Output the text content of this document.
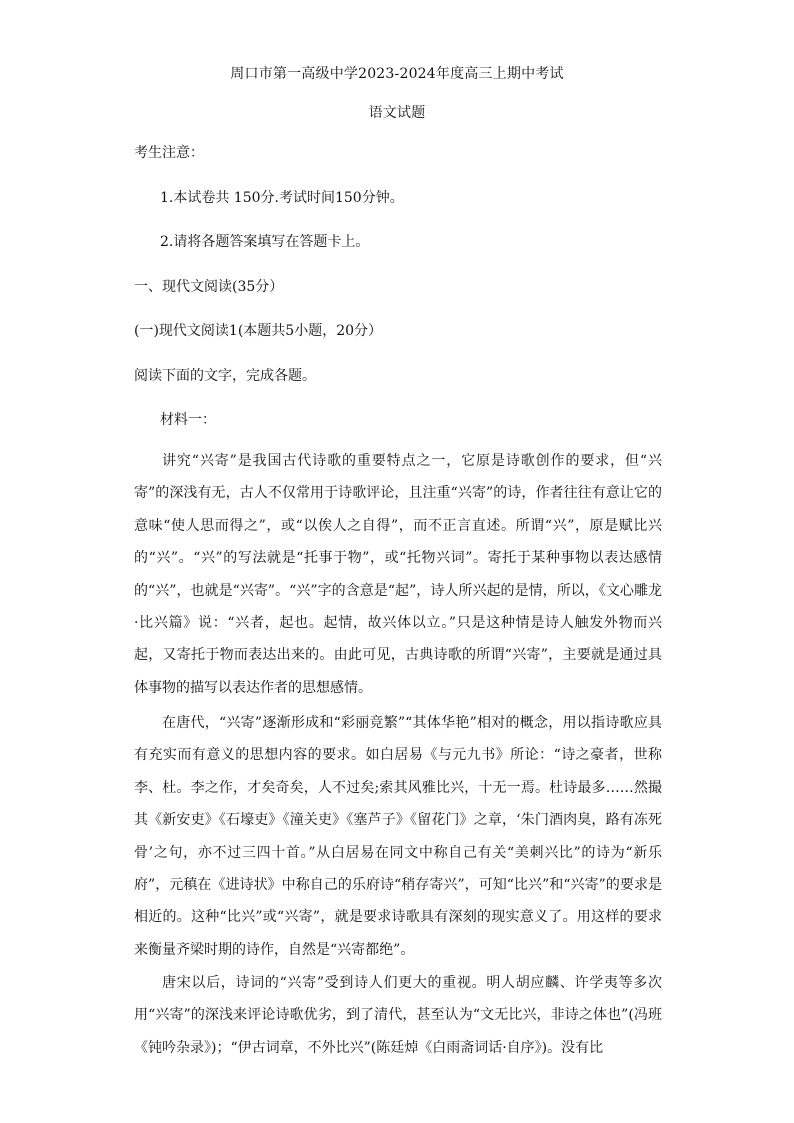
周口市第一高级中学2023-2024年度高三上期中考试
语文试题
考生注意：
1.本试卷共 150分.考试时间150分钟。
2.请将各题答案填写在答题卡上。
一、现代文阅读(35分）
(一)现代文阅读1(本题共5小题，20分）
阅读下面的文字，完成各题。
材料一：
讲究“兴寄”是我国古代诗歌的重要特点之一，它原是诗歌创作的要求，但“兴寄”的深浅有无，古人不仅常用于诗歌评论，且注重“兴寄”的诗，作者往往有意让它的意味“使人思而得之”，或“以俟人之自得”，而不正言直述。所谓“兴”，原是赋比兴的“兴”。“兴”的写法就是“托事于物”，或“托物兴词”。寄托于某种事物以表达感情的“兴”，也就是“兴寄”。“兴”字的含意是“起”，诗人所兴起的是情，所以，《文心雕龙·比兴篇》说：“兴者，起也。起情，故兴体以立。”只是这种情是诗人触发外物而兴起，又寄托于物而表达出来的。由此可见，古典诗歌的所谓“兴寄”，主要就是通过具体事物的描写以表达作者的思想感情。
在唐代，“兴寄”逐渐形成和“彩丽竞繁”“其体华艳”相对的概念，用以指诗歌应具有充实而有意义的思想内容的要求。如白居易《与元九书》所论：“诗之豪者，世称李、杜。李之作，才矣奇矣，人不过矣;索其风雅比兴，十无一焉。杜诗最多……然撮其《新安吏》《石壕吏》《潼关吏》《塞芦子》《留花门》之章，‘朱门酒肉臭，路有冻死骨’之句，亦不过三四十首。”从白居易在同文中称自己有关“美刺兴比”的诗为“新乐府”，元稹在《进诗状》中称自己的乐府诗“稍存寄兴”，可知“比兴”和“兴寄”的要求是相近的。这种“比兴”或“兴寄”，就是要求诗歌具有深刻的现实意义了。用这样的要求来衡量齐梁时期的诗作，自然是“兴寄都绝”。
唐宋以后，诗词的“兴寄”受到诗人们更大的重视。明人胡应麟、许学夷等多次用“兴寄”的深浅来评论诗歌优劣，到了清代，甚至认为“文无比兴，非诗之体也”(冯班《钝吟杂录》)；“伊古词章，不外比兴”(陈廷焯《白雨斋词话·自序》)。没有比
